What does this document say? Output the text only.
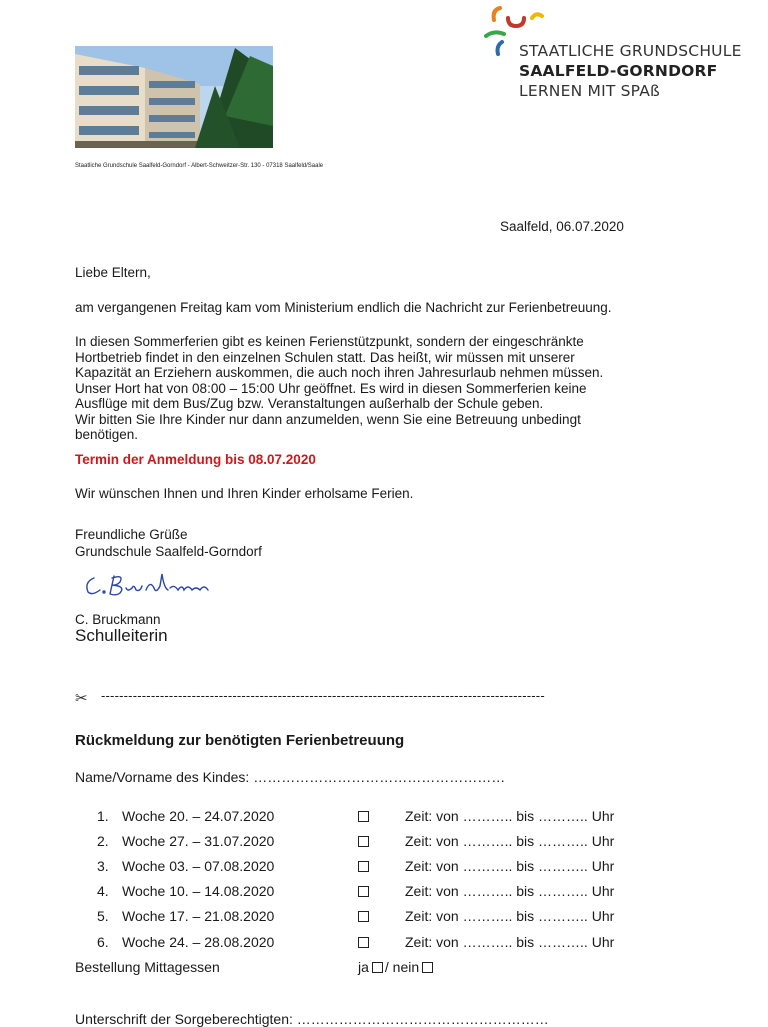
STAATLICHE GRUNDSCHULE
SAALFELD-GORNDORF
LERNEN MIT SPAß
Staatliche Grundschule Saalfeld-Gorndorf - Albert-Schweitzer-Str. 130 - 07318 Saalfeld/Saale
Saalfeld, 06.07.2020
Liebe Eltern,
am vergangenen Freitag kam vom Ministerium endlich die Nachricht zur Ferienbetreuung.
In diesen Sommerferien gibt es keinen Ferienstützpunkt, sondern der eingeschränkte
Hortbetrieb findet in den einzelnen Schulen statt. Das heißt, wir müssen mit unserer
Kapazität an Erziehern auskommen, die auch noch ihren Jahresurlaub nehmen müssen.
Unser Hort hat von 08:00 – 15:00 Uhr geöffnet. Es wird in diesen Sommerferien keine
Ausflüge mit dem Bus/Zug bzw. Veranstaltungen außerhalb der Schule geben.
Wir bitten Sie Ihre Kinder nur dann anzumelden, wenn Sie eine Betreuung unbedingt
benötigen.
Termin der Anmeldung bis 08.07.2020
Wir wünschen Ihnen und Ihren Kinder erholsame Ferien.
Freundliche Grüße
Grundschule Saalfeld-Gorndorf
C. Bruckmann
Schulleiterin
✂ --------------------------------------------------------------------------------------------------
Rückmeldung zur benötigten Ferienbetreuung
Name/Vorname des Kindes: ………………………………………………
1. Woche 20. – 24.07.2020	Zeit: von ……….. bis ……….. Uhr
2. Woche 27. – 31.07.2020	Zeit: von ……….. bis ……….. Uhr
3. Woche 03. – 07.08.2020	Zeit: von ……….. bis ……….. Uhr
4. Woche 10. – 14.08.2020	Zeit: von ……….. bis ……….. Uhr
5. Woche 17. – 21.08.2020	Zeit: von ……….. bis ……….. Uhr
6. Woche 24. – 28.08.2020	Zeit: von ……….. bis ……….. Uhr
Bestellung Mittagessen	ja / nein
Unterschrift der Sorgeberechtigten: ………………………………………………
